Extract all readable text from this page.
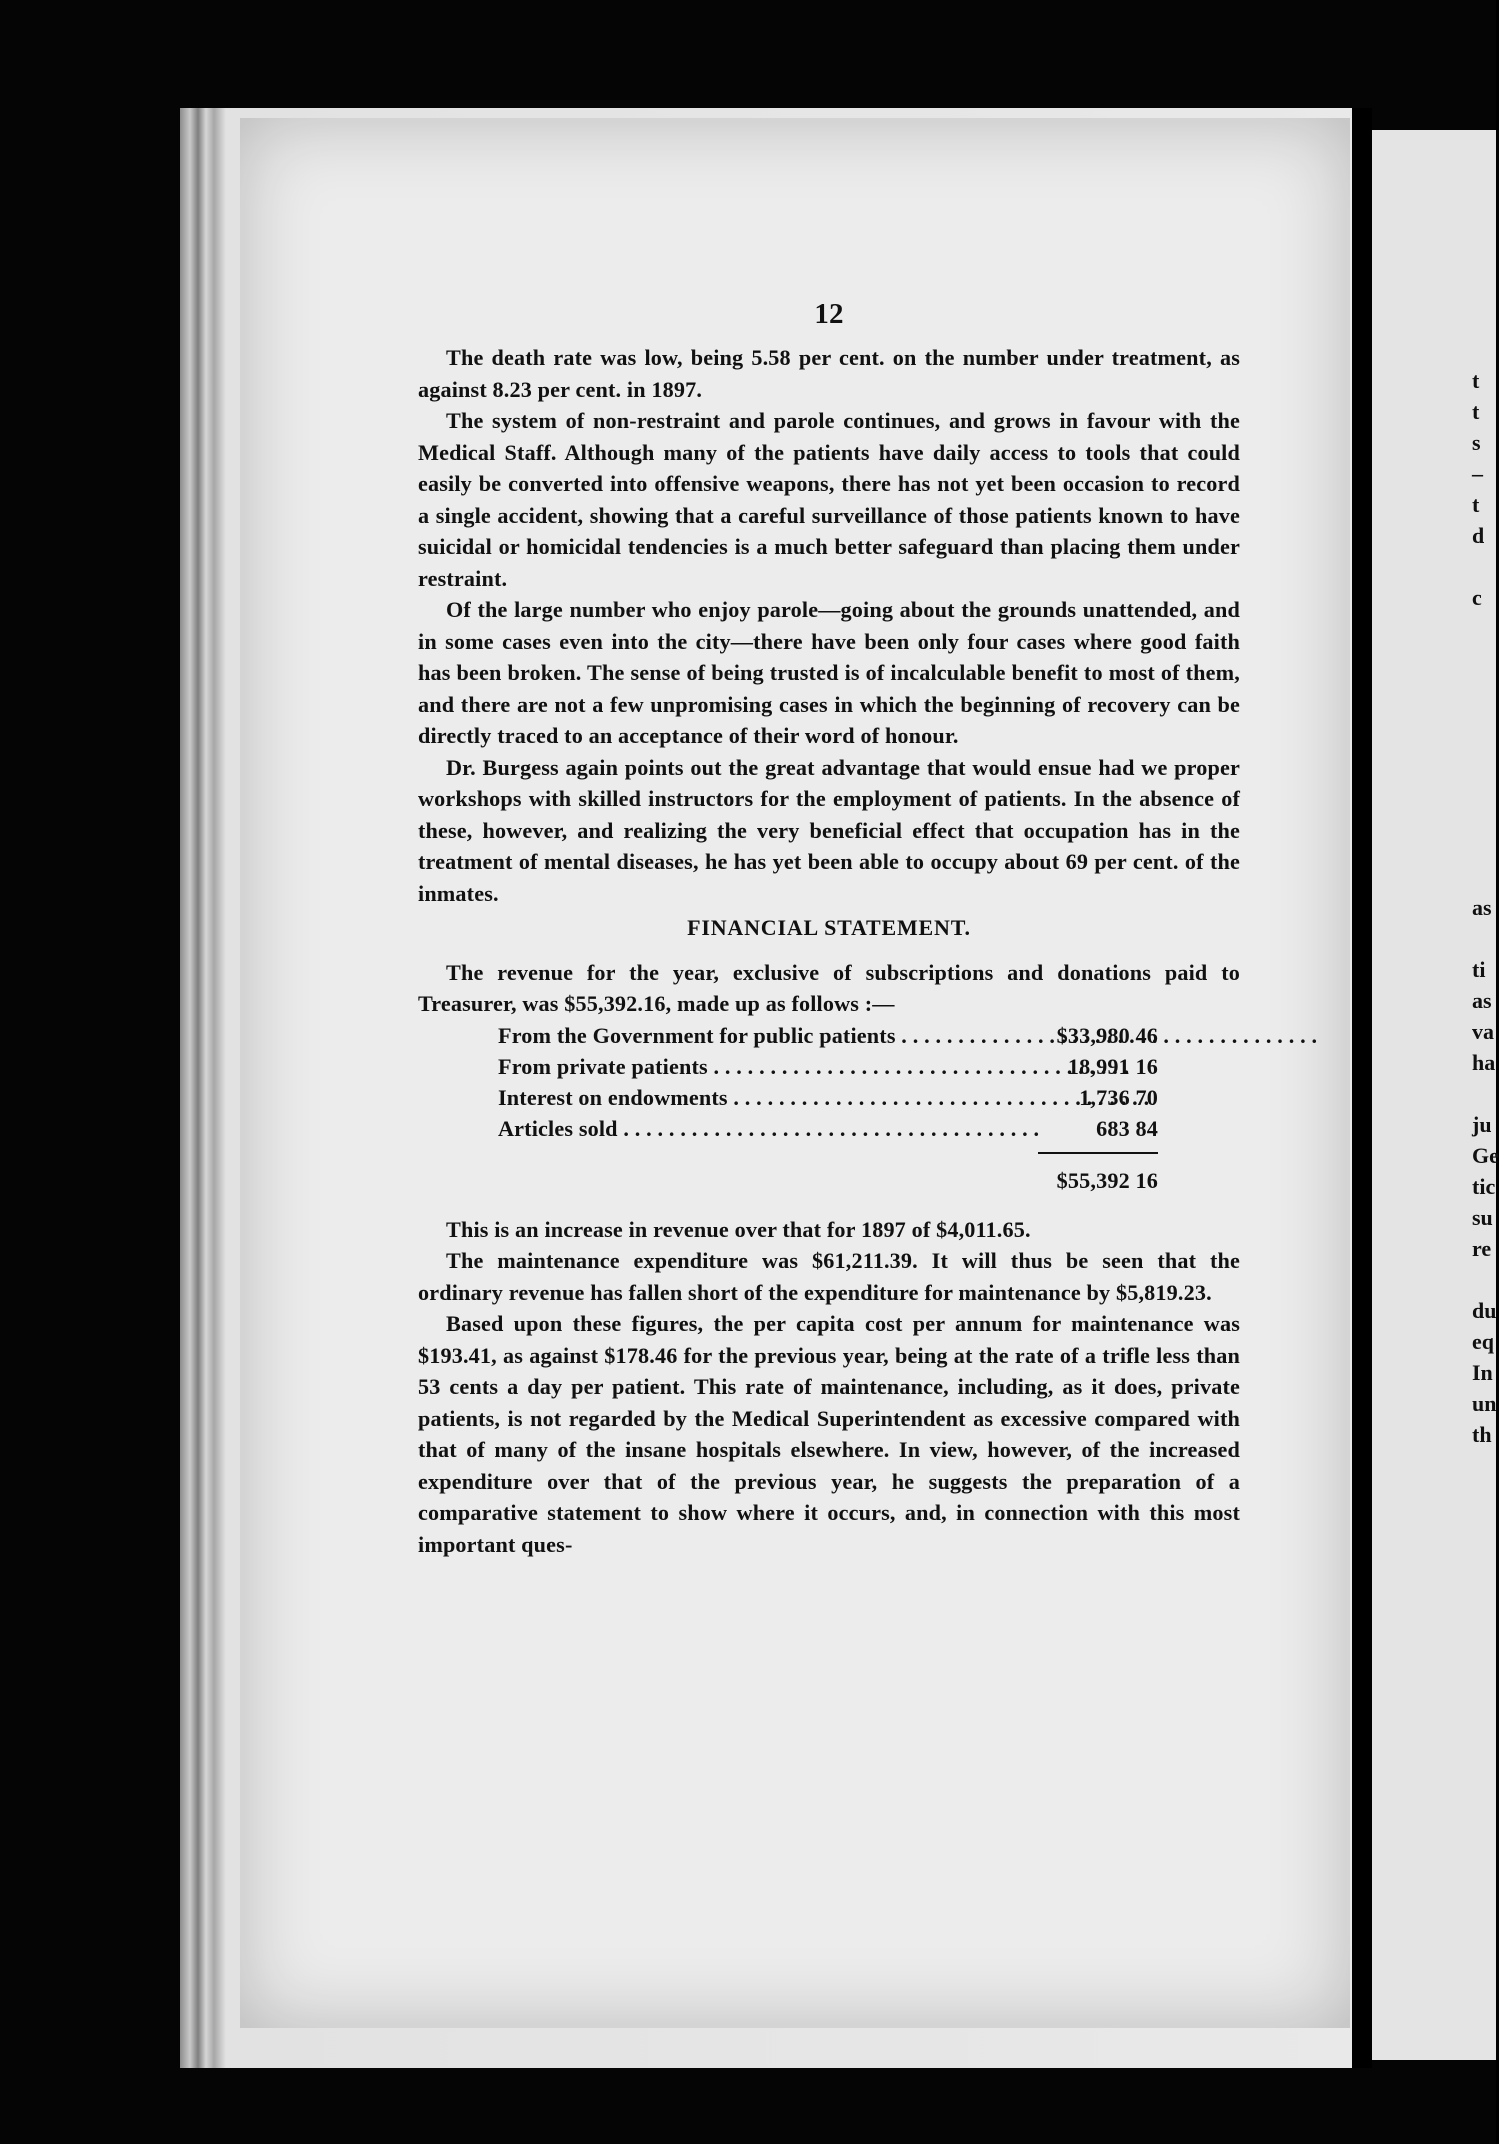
t
t
s
–
t
d
c
as
ti
as
va
ha
ju
Ge
tic
su
re
du
eq
In
un
th
12

The death rate was low, being 5.58 per cent. on the number under treatment, as against 8.23 per cent. in 1897.

The system of non-restraint and parole continues, and grows in favour with the Medical Staff. Although many of the patients have daily access to tools that could easily be converted into offensive weapons, there has not yet been occasion to record a single accident, showing that a careful surveillance of those patients known to have suicidal or homicidal tendencies is a much better safeguard than placing them under restraint.

Of the large number who enjoy parole—going about the grounds unattended, and in some cases even into the city—there have been only four cases where good faith has been broken. The sense of being trusted is of incalculable benefit to most of them, and there are not a few unpromising cases in which the beginning of recovery can be directly traced to an acceptance of their word of honour.

Dr. Burgess again points out the great advantage that would ensue had we proper workshops with skilled instructors for the employment of patients. In the absence of these, however, and realizing the very beneficial effect that occupation has in the treatment of mental diseases, he has yet been able to occupy about 69 per cent. of the inmates.

FINANCIAL STATEMENT.

The revenue for the year, exclusive of subscriptions and donations paid to Treasurer, was $55,392.16, made up as follows :—

From the Government for public patients . . .	$33,980 46
From private patients . . .	18,991 16
Interest on endowments . . .	1,736 70
Articles sold . . .	683 84
$55,392 16

This is an increase in revenue over that for 1897 of $4,011.65.

The maintenance expenditure was $61,211.39. It will thus be seen that the ordinary revenue has fallen short of the expenditure for maintenance by $5,819.23.

Based upon these figures, the per capita cost per annum for maintenance was $193.41, as against $178.46 for the previous year, being at the rate of a trifle less than 53 cents a day per patient. This rate of maintenance, including, as it does, private patients, is not regarded by the Medical Superintendent as excessive compared with that of many of the insane hospitals elsewhere. In view, however, of the increased expenditure over that of the previous year, he suggests the preparation of a comparative statement to show where it occurs, and, in connection with this most important ques-
